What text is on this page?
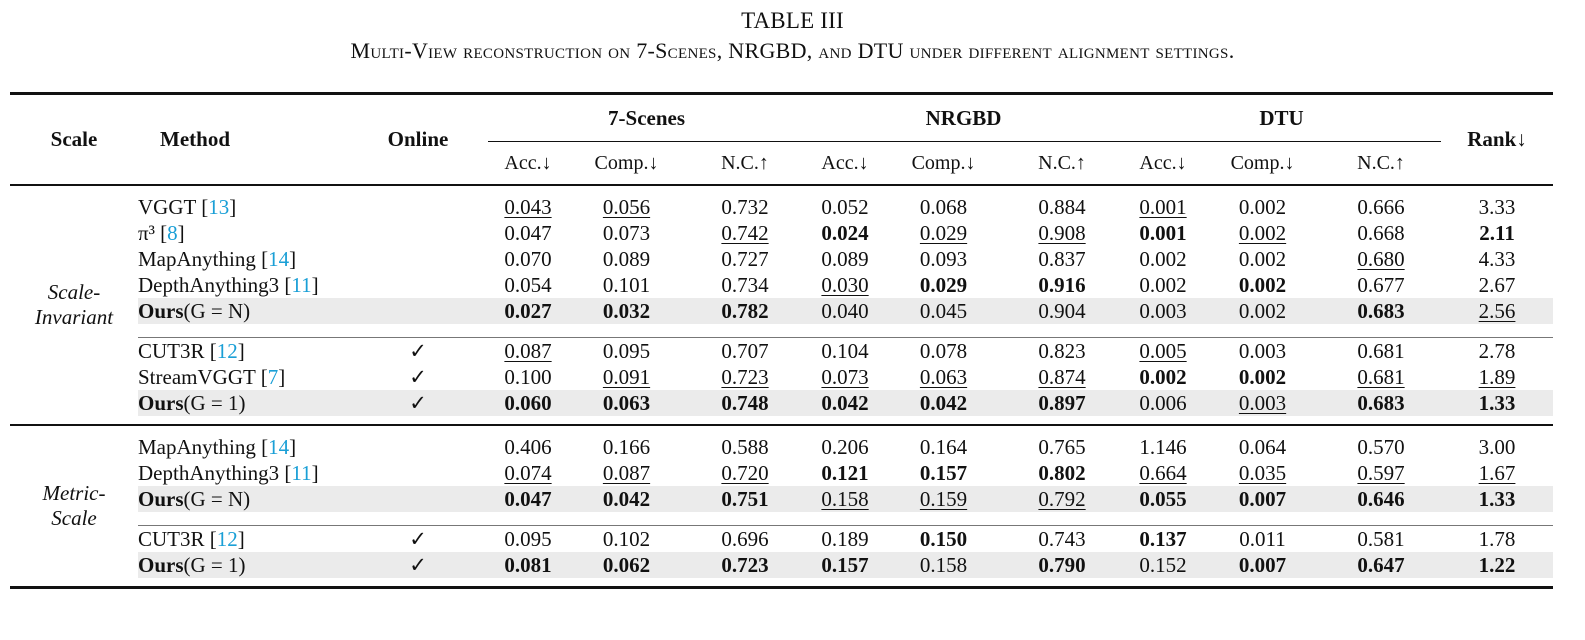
TABLE III
Multi-View reconstruction on 7-Scenes, NRGBD, and DTU under different alignment settings.
Scale	Method	Online	7-Scenes			NRGBD			DTU			Rank↓
			Acc.↓	Comp.↓	N.C.↑	Acc.↓	Comp.↓	N.C.↑	Acc.↓	Comp.↓	N.C.↑	

Scale-
Invariant												

	VGGT [13]		0.043	0.056	0.732	0.052	0.068	0.884	0.001	0.002	0.666	3.33
	π³ [8]		0.047	0.073	0.742	0.024	0.029	0.908	0.001	0.002	0.668	2.11
	MapAnything [14]		0.070	0.089	0.727	0.089	0.093	0.837	0.002	0.002	0.680	4.33
	DepthAnything3 [11]		0.054	0.101	0.734	0.030	0.029	0.916	0.002	0.002	0.677	2.67
	Ours(G = N)		0.027	0.032	0.782	0.040	0.045	0.904	0.003	0.002	0.683	2.56

	CUT3R [12]	✓	0.087	0.095	0.707	0.104	0.078	0.823	0.005	0.003	0.681	2.78
	StreamVGGT [7]	✓	0.100	0.091	0.723	0.073	0.063	0.874	0.002	0.002	0.681	1.89
	Ours(G = 1)	✓	0.060	0.063	0.748	0.042	0.042	0.897	0.006	0.003	0.683	1.33

Metric-
Scale												

	MapAnything [14]		0.406	0.166	0.588	0.206	0.164	0.765	1.146	0.064	0.570	3.00
	DepthAnything3 [11]		0.074	0.087	0.720	0.121	0.157	0.802	0.664	0.035	0.597	1.67
	Ours(G = N)		0.047	0.042	0.751	0.158	0.159	0.792	0.055	0.007	0.646	1.33

	CUT3R [12]	✓	0.095	0.102	0.696	0.189	0.150	0.743	0.137	0.011	0.581	1.78
	Ours(G = 1)	✓	0.081	0.062	0.723	0.157	0.158	0.790	0.152	0.007	0.647	1.22
